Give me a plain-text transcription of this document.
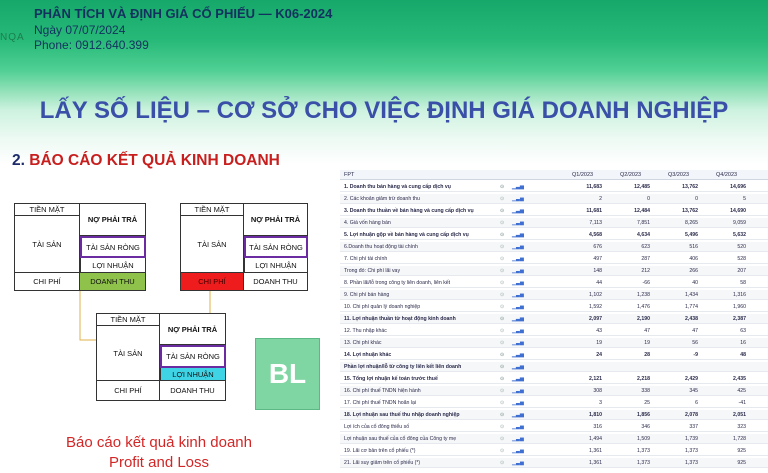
NQA
PHÂN TÍCH VÀ ĐỊNH GIÁ CỔ PHIẾU — K06-2024
Ngày 07/07/2024
Phone: 0912.640.399
LẤY SỐ LIỆU – CƠ SỞ CHO VIỆC ĐỊNH GIÁ DOANH NGHIỆP
2. BÁO CÁO KẾT QUẢ KINH DOANH
TIỀN MẶT
TÀI SẢN
NỢ PHẢI TRẢ
TÀI SẢN RÒNG
LỢI NHUẬN
CHI PHÍ	DOANH THU
TIỀN MẶT
TÀI SẢN
NỢ PHẢI TRẢ
TÀI SẢN RÒNG
LỢI NHUẬN
CHI PHÍ	DOANH THU
TIỀN MẶT
TÀI SẢN
NỢ PHẢI TRẢ
TÀI SẢN RÒNG
LỢI NHUẬN
CHI PHÍ	DOANH THU
BL
Báo cáo kết quả kinh doanh
Profit and Loss
FPT	Q1/2023	Q2/2023	Q3/2023	Q4/2023
1. Doanh thu bán hàng và cung cấp dịch vụ	⊙ ▁▃▅	11,683	12,485	13,762	14,696
2. Các khoản giảm trừ doanh thu	⊙ ▁▃▅	2	0	0	5
3. Doanh thu thuần về bán hàng và cung cấp dịch vụ	⊙ ▁▃▅	11,681	12,484	13,762	14,690
4. Giá vốn hàng bán	⊙ ▁▃▅	7,113	7,851	8,265	9,059
5. Lợi nhuận gộp về bán hàng và cung cấp dịch vụ	⊙ ▁▃▅	4,568	4,634	5,496	5,632
6.Doanh thu hoạt động tài chính	⊙ ▁▃▅	676	623	516	520
7. Chi phí tài chính	⊙ ▁▃▅	497	287	406	528
Trong đó: Chi phí lãi vay	⊙ ▁▃▅	148	212	266	207
8. Phần lãi/lỗ trong công ty liên doanh, liên kết	⊙ ▁▃▅	44	-66	40	58
9. Chi phí bán hàng	⊙ ▁▃▅	1,102	1,238	1,434	1,316
10. Chi phí quản lý doanh nghiệp	⊙ ▁▃▅	1,592	1,476	1,774	1,960
11. Lợi nhuận thuần từ hoạt động kinh doanh	⊙ ▁▃▅	2,097	2,190	2,438	2,387
12. Thu nhập khác	⊙ ▁▃▅	43	47	47	63
13. Chi phí khác	⊙ ▁▃▅	19	19	56	16
14. Lợi nhuận khác	⊙ ▁▃▅	24	28	-9	48
Phần lợi nhuận/lỗ từ công ty liên kết liên doanh	⊙ ▁▃▅
15. Tổng lợi nhuận kế toán trước thuế	⊙ ▁▃▅	2,121	2,218	2,429	2,435
16. Chi phí thuế TNDN hiện hành	⊙ ▁▃▅	308	338	345	425
17. Chi phí thuế TNDN hoãn lại	⊙ ▁▃▅	3	25	6	-41
18. Lợi nhuận sau thuế thu nhập doanh nghiệp	⊙ ▁▃▅	1,810	1,856	2,078	2,051
Lợi ích của cổ đông thiểu số	⊙ ▁▃▅	316	346	337	323
Lợi nhuận sau thuế của cổ đông của Công ty mẹ	⊙ ▁▃▅	1,494	1,509	1,739	1,728
19. Lãi cơ bản trên cổ phiếu (*)	⊙ ▁▃▅	1,361	1,373	1,373	925
21. Lãi suy giảm trên cổ phiếu (*)	⊙ ▁▃▅	1,361	1,373	1,373	925
